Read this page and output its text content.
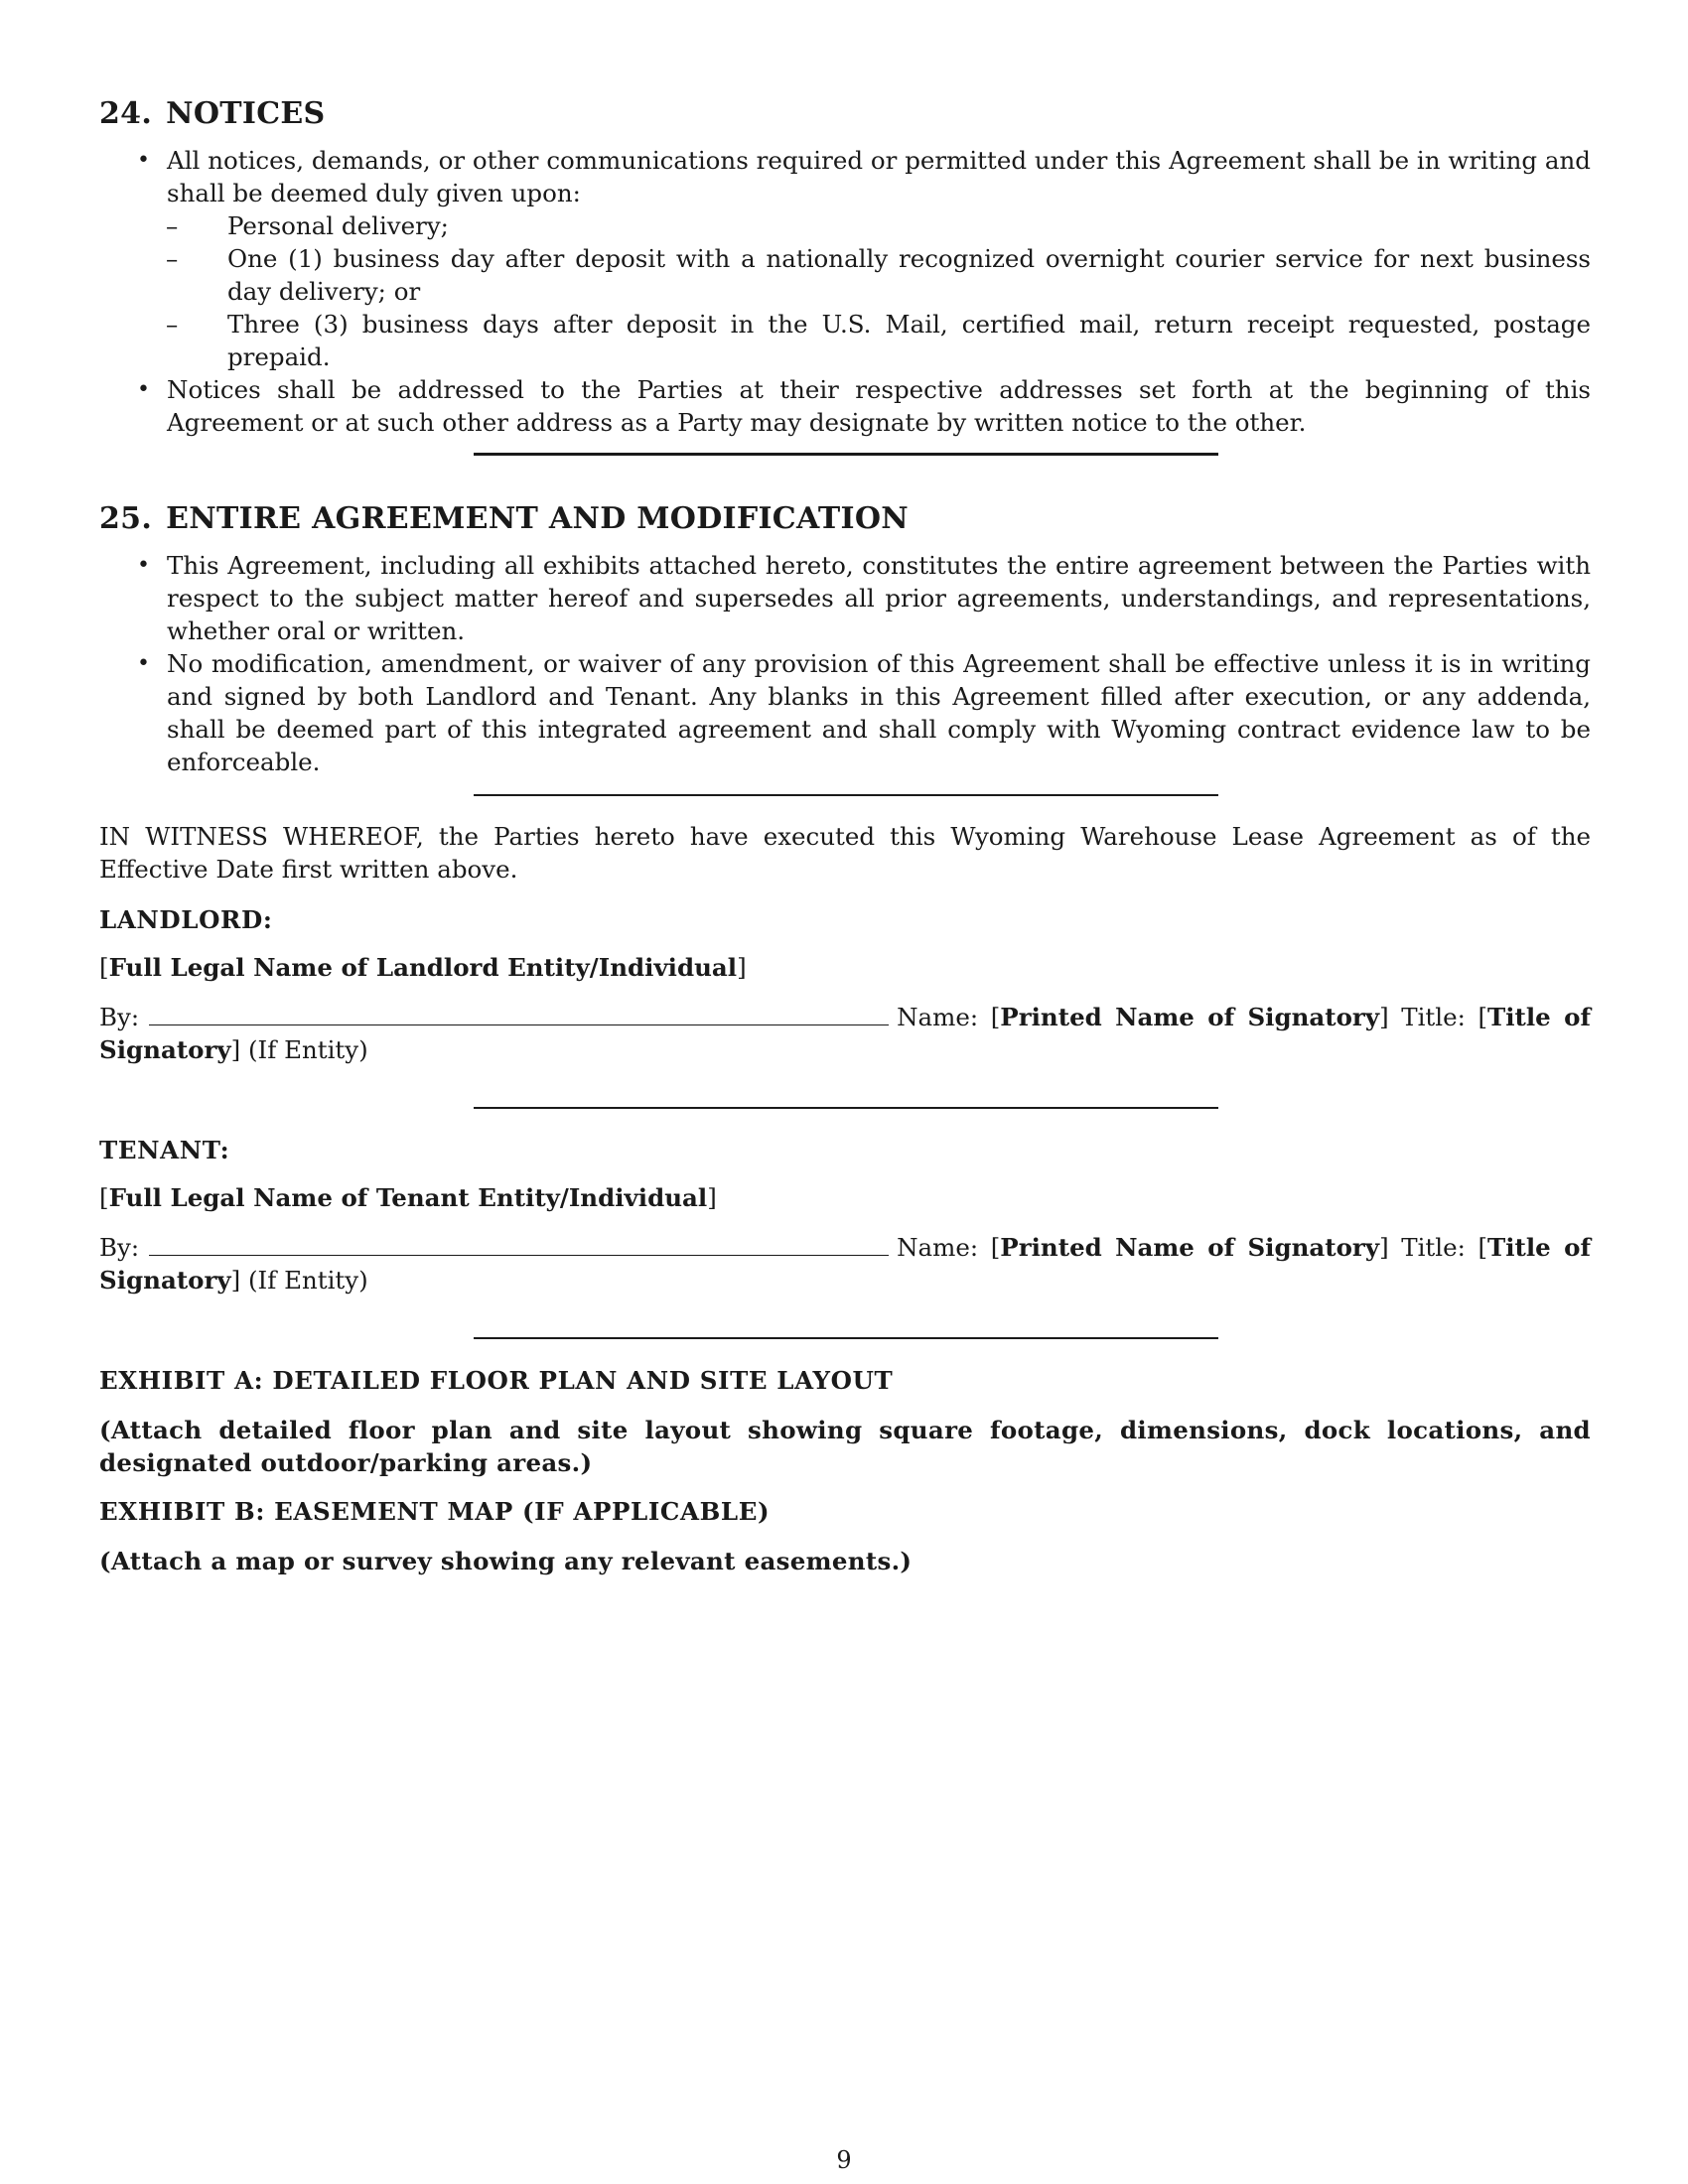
24. NOTICES
• All notices, demands, or other communications required or permitted under this Agreement shall be in writing and shall be deemed duly given upon:
– Personal delivery;
– One (1) business day after deposit with a nationally recognized overnight courier service for next business day delivery; or
– Three (3) business days after deposit in the U.S. Mail, certified mail, return receipt requested, postage prepaid.
• Notices shall be addressed to the Parties at their respective addresses set forth at the beginning of this Agreement or at such other address as a Party may designate by written notice to the other.
25. ENTIRE AGREEMENT AND MODIFICATION
• This Agreement, including all exhibits attached hereto, constitutes the entire agreement between the Parties with respect to the subject matter hereof and supersedes all prior agreements, understandings, and representations, whether oral or written.
• No modification, amendment, or waiver of any provision of this Agreement shall be effective unless it is in writing and signed by both Landlord and Tenant. Any blanks in this Agreement filled after execution, or any addenda, shall be deemed part of this integrated agreement and shall comply with Wyoming contract evidence law to be enforceable.
IN WITNESS WHEREOF, the Parties hereto have executed this Wyoming Warehouse Lease Agreement as of the Effective Date first written above.
LANDLORD:
[Full Legal Name of Landlord Entity/Individual]
By:	Name: [Printed Name of Signatory] Title: [Title of Signatory] (If Entity)
TENANT:
[Full Legal Name of Tenant Entity/Individual]
By:	Name: [Printed Name of Signatory] Title: [Title of Signatory] (If Entity)
EXHIBIT A: DETAILED FLOOR PLAN AND SITE LAYOUT
(Attach detailed floor plan and site layout showing square footage, dimensions, dock locations, and designated outdoor/parking areas.)
EXHIBIT B: EASEMENT MAP (IF APPLICABLE)
(Attach a map or survey showing any relevant easements.)
9
